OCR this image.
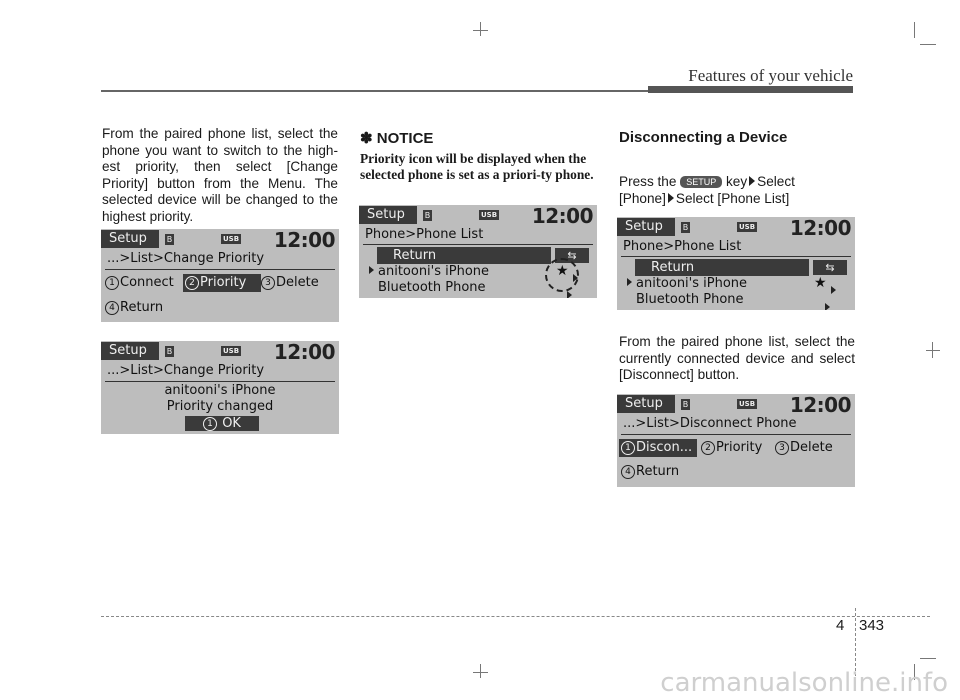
Features of your vehicle
From the paired phone list, select the phone you want to switch to the high-est priority, then select [Change Priority] button from the Menu. The selected device will be changed to the highest priority.
Setup	B	USB 12:00
...>List>Change Priority
1 Connect	2 Priority	3 Delete
4 Return
Setup	B	USB 12:00
...>List>Change Priority
anitooni's iPhone
Priority changed
1 OK
✽ NOTICE
Priority icon will be displayed when the selected phone is set as a priori-ty phone.
Setup	B	USB 12:00
Phone>Phone List
Return	⇆
anitooni's iPhone
Bluetooth Phone
★
Disconnecting a Device
Press the SETUP key Select
[Phone] Select [Phone List]
Setup	B	USB 12:00
Phone>Phone List
Return	⇆
anitooni's iPhone
Bluetooth Phone
★
From the paired phone list, select the currently connected device and select [Disconnect] button.
Setup	B	USB 12:00
...>List>Disconnect Phone
1 Discon...	2 Priority	3 Delete
4 Return
4 343
carmanualsonline.info
